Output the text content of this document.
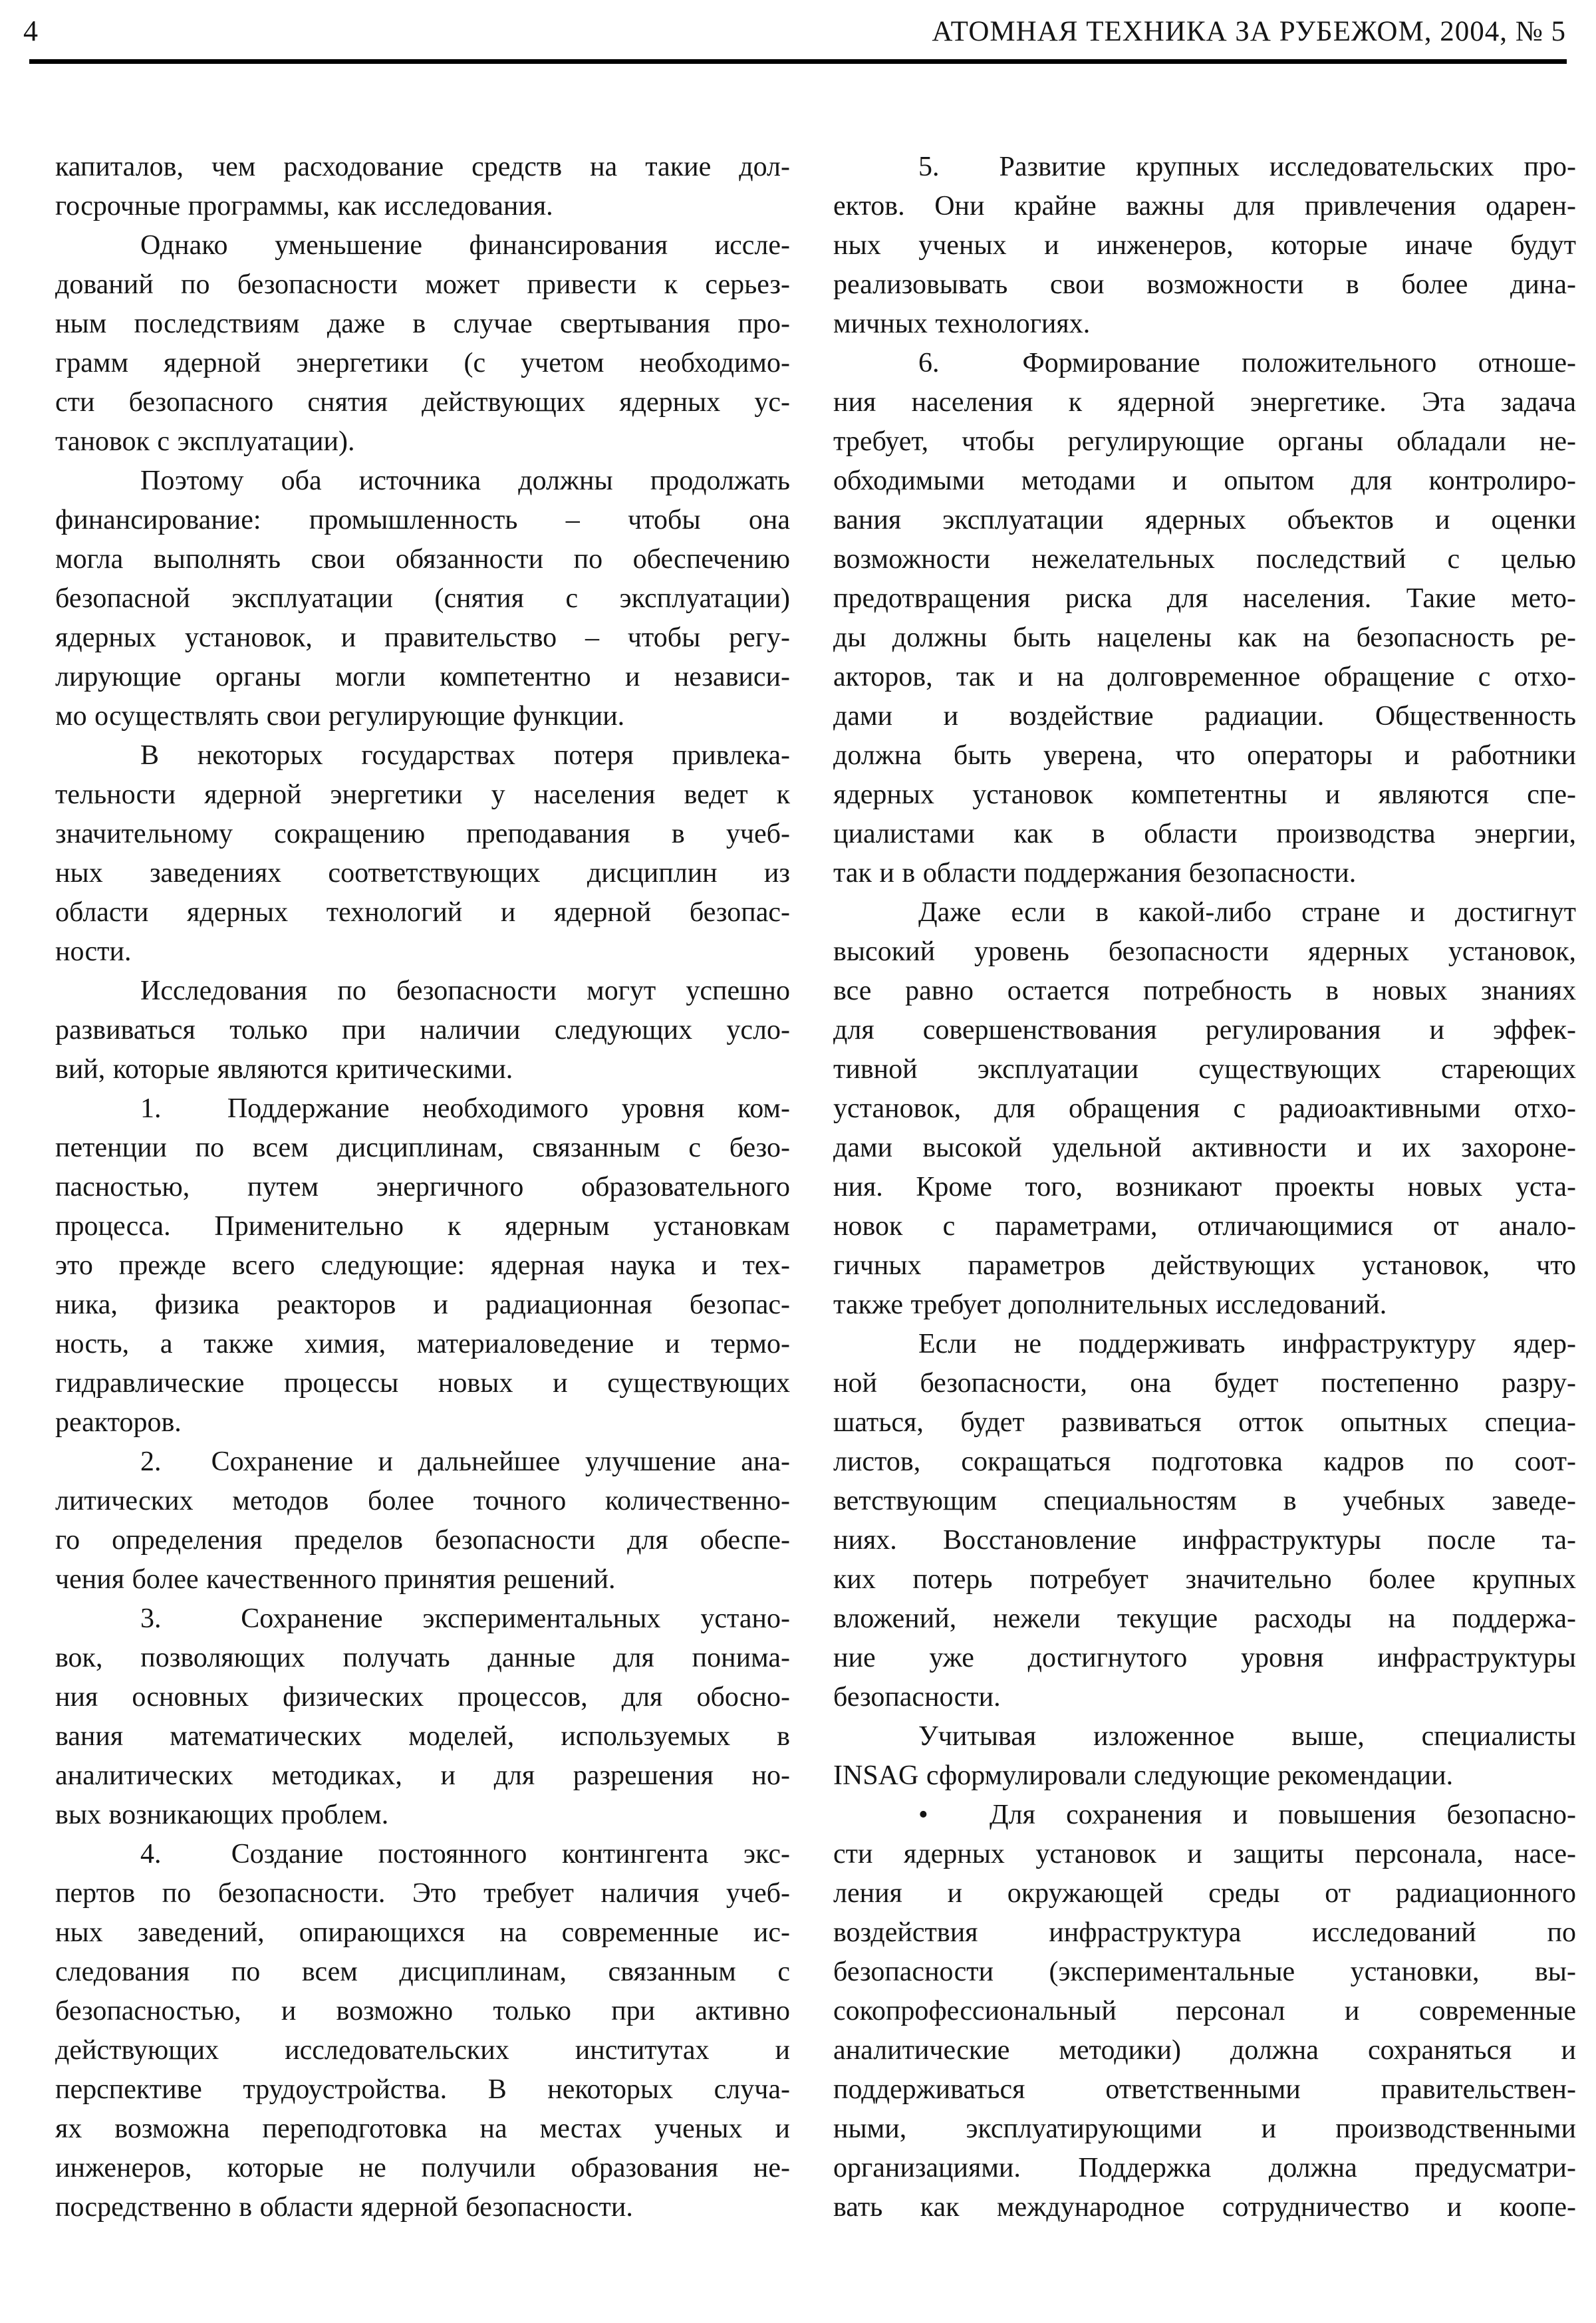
4	АТОМНАЯ ТЕХНИКА ЗА РУБЕЖОМ, 2004, № 5
капиталов, чем расходование средств на такие дол-
госрочные программы, как исследования.
Однако уменьшение финансирования иссле-
дований по безопасности может привести к серьез-
ным последствиям даже в случае свертывания про-
грамм ядерной энергетики (с учетом необходимо-
сти безопасного снятия действующих ядерных ус-
тановок с эксплуатации).
Поэтому оба источника должны продолжать
финансирование: промышленность – чтобы она
могла выполнять свои обязанности по обеспечению
безопасной эксплуатации (снятия с эксплуатации)
ядерных установок, и правительство – чтобы регу-
лирующие органы могли компетентно и независи-
мо осуществлять свои регулирующие функции.
В некоторых государствах потеря привлека-
тельности ядерной энергетики у населения ведет к
значительному сокращению преподавания в учеб-
ных заведениях соответствующих дисциплин из
области ядерных технологий и ядерной безопас-
ности.
Исследования по безопасности могут успешно
развиваться только при наличии следующих усло-
вий, которые являются критическими.
1.  Поддержание необходимого уровня ком-
петенции по всем дисциплинам, связанным с безо-
пасностью, путем энергичного образовательного
процесса. Применительно к ядерным установкам
это прежде всего следующие: ядерная наука и тех-
ника, физика реакторов и радиационная безопас-
ность, а также химия, материаловедение и термо-
гидравлические процессы новых и существующих
реакторов.
2.  Сохранение и дальнейшее улучшение ана-
литических методов более точного количественно-
го определения пределов безопасности для обеспе-
чения более качественного принятия решений.
3.  Сохранение экспериментальных устано-
вок, позволяющих получать данные для понима-
ния основных физических процессов, для обосно-
вания математических моделей, используемых в
аналитических методиках, и для разрешения но-
вых возникающих проблем.
4.  Создание постоянного контингента экс-
пертов по безопасности. Это требует наличия учеб-
ных заведений, опирающихся на современные ис-
следования по всем дисциплинам, связанным с
безопасностью, и возможно только при активно
действующих исследовательских институтах и
перспективе трудоустройства. В некоторых случа-
ях возможна переподготовка на местах ученых и
инженеров, которые не получили образования не-
посредственно в области ядерной безопасности.
5.  Развитие крупных исследовательских про-
ектов. Они крайне важны для привлечения одарен-
ных ученых и инженеров, которые иначе будут
реализовывать свои возможности в более дина-
мичных технологиях.
6.  Формирование положительного отноше-
ния населения к ядерной энергетике. Эта задача
требует, чтобы регулирующие органы обладали не-
обходимыми методами и опытом для контролиро-
вания эксплуатации ядерных объектов и оценки
возможности нежелательных последствий с целью
предотвращения риска для населения. Такие мето-
ды должны быть нацелены как на безопасность ре-
акторов, так и на долговременное обращение с отхо-
дами и воздействие радиации. Общественность
должна быть уверена, что операторы и работники
ядерных установок компетентны и являются спе-
циалистами как в области производства энергии,
так и в области поддержания безопасности.
Даже если в какой-либо стране и достигнут
высокий уровень безопасности ядерных установок,
все равно остается потребность в новых знаниях
для совершенствования регулирования и эффек-
тивной эксплуатации существующих стареющих
установок, для обращения с радиоактивными отхо-
дами высокой удельной активности и их захороне-
ния. Кроме того, возникают проекты новых уста-
новок с параметрами, отличающимися от анало-
гичных параметров действующих установок, что
также требует дополнительных исследований.
Если не поддерживать инфраструктуру ядер-
ной безопасности, она будет постепенно разру-
шаться, будет развиваться отток опытных специа-
листов, сокращаться подготовка кадров по соот-
ветствующим специальностям в учебных заведе-
ниях. Восстановление инфраструктуры после та-
ких потерь потребует значительно более крупных
вложений, нежели текущие расходы на поддержа-
ние уже достигнутого уровня инфраструктуры
безопасности.
Учитывая изложенное выше, специалисты
INSAG сформулировали следующие рекомендации.
•  Для сохранения и повышения безопасно-
сти ядерных установок и защиты персонала, насе-
ления и окружающей среды от радиационного
воздействия инфраструктура исследований по
безопасности (экспериментальные установки, вы-
сокопрофессиональный персонал и современные
аналитические методики) должна сохраняться и
поддерживаться ответственными правительствен-
ными, эксплуатирующими и производственными
организациями. Поддержка должна предусматри-
вать как международное сотрудничество и коопе-
